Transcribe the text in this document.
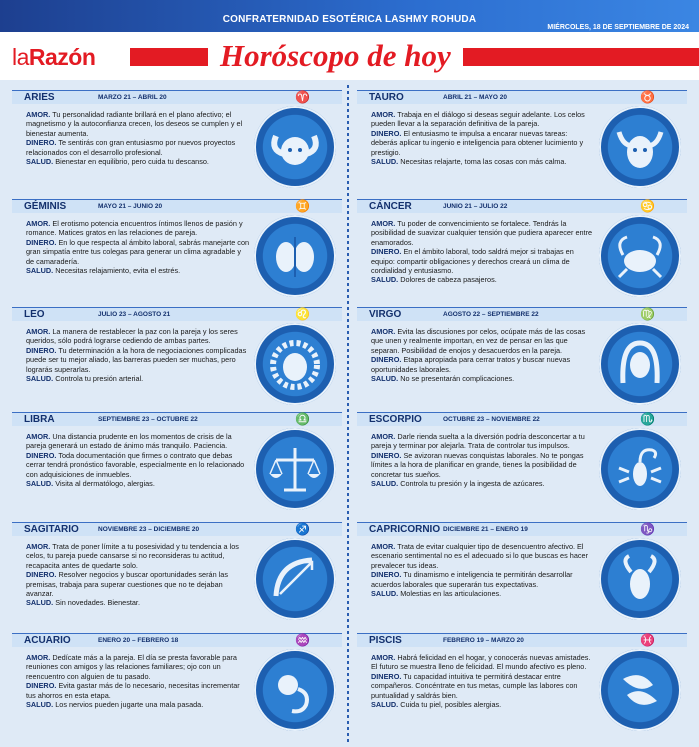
CONFRATERNIDAD ESOTÉRICA LASHMY ROHUDA
MIÉRCOLES, 18 DE SEPTIEMBRE DE 2024
laRazón	Horóscopo de hoy
ARIES	MARZO 21 – ABRIL 20	♈

AMOR. Tu personalidad radiante brillará en el plano afectivo; el magnetismo y la autoconfianza crecen, los deseos se cumplen y el bienestar aumenta.

DINERO. Te sentirás con gran entusiasmo por nuevos proyectos relacionados con el desarrollo profesional.

SALUD. Bienestar en equilibrio, pero cuida tu descanso.

TAURO	ABRIL 21 – MAYO 20	♉

AMOR. Trabaja en el diálogo si deseas seguir adelante. Los celos pueden llevar a la separación definitiva de la pareja.

DINERO. El entusiasmo te impulsa a encarar nuevas tareas: deberás aplicar tu ingenio e inteligencia para obtener lucimiento y prestigio.

SALUD. Necesitas relajarte, toma las cosas con más calma.

GÉMINIS	MAYO 21 – JUNIO 20	♊

AMOR. El erotismo potencia encuentros íntimos llenos de pasión y romance. Matices gratos en las relaciones de pareja.

DINERO. En lo que respecta al ámbito laboral, sabrás manejarte con gran simpatía entre tus colegas para generar un clima agradable y de camaradería.

SALUD. Necesitas relajamiento, evita el estrés.

CÁNCER	JUNIO 21 – JULIO 22	♋

AMOR. Tu poder de convencimiento se fortalece. Tendrás la posibilidad de suavizar cualquier tensión que pudiera aparecer entre enamorados.

DINERO. En el ámbito laboral, todo saldrá mejor si trabajas en equipo: compartir obligaciones y derechos creará un clima de cordialidad y entusiasmo.

SALUD. Dolores de cabeza pasajeros.

LEO	JULIO 23 – AGOSTO 21	♌

AMOR. La manera de restablecer la paz con la pareja y los seres queridos, sólo podrá lograrse cediendo de ambas partes.

DINERO. Tu determinación a la hora de negociaciones complicadas puede ser tu mejor aliado, las barreras pueden ser muchas, pero lograrás superarlas.

SALUD. Controla tu presión arterial.

VIRGO	AGOSTO 22 – SEPTIEMBRE 22	♍

AMOR. Evita las discusiones por celos, ocúpate más de las cosas que unen y realmente importan, en vez de pensar en las que separan. Posibilidad de enojos y desacuerdos en la pareja.

DINERO. Etapa apropiada para cerrar tratos y buscar nuevas oportunidades laborales.

SALUD. No se presentarán complicaciones.

LIBRA	SEPTIEMBRE 23 – OCTUBRE 22	♎

AMOR. Una distancia prudente en los momentos de crisis de la pareja generará un estado de ánimo más tranquilo. Paciencia.

DINERO. Toda documentación que firmes o contrato que debas cerrar tendrá pronóstico favorable, especialmente en lo relacionado con adquisiciones de inmuebles.

SALUD. Visita al dermatólogo, alergias.

ESCORPIO	OCTUBRE 23 – NOVIEMBRE 22	♏

AMOR. Darle rienda suelta a la diversión podría desconcertar a tu pareja y terminar por alejarla. Trata de controlar tus impulsos.

DINERO. Se avizoran nuevas conquistas laborales. No te pongas límites a la hora de planificar en grande, tienes la posibilidad de concretar tus sueños.

SALUD. Controla tu presión y la ingesta de azúcares.

SAGITARIO	NOVIEMBRE 23 – DICIEMBRE 20	♐

AMOR. Trata de poner límite a tu posesividad y tu tendencia a los celos, tu pareja puede cansarse si no reconsideras tu actitud, recapacita antes de quedarte solo.

DINERO. Resolver negocios y buscar oportunidades serán las premisas, trabaja para superar cuestiones que no te dejaban avanzar.

SALUD. Sin novedades. Bienestar.

CAPRICORNIO DICIEMBRE 21 – ENERO 19	♑

AMOR. Trata de evitar cualquier tipo de desencuentro afectivo. El escenario sentimental no es el adecuado si lo que buscas es hacer prevalecer tus ideas.

DINERO. Tu dinamismo e inteligencia te permitirán desarrollar acuerdos laborales que superarán tus expectativas.

SALUD. Molestias en las articulaciones.

ACUARIO	ENERO 20 – FEBRERO 18	♒

AMOR. Dedícate más a la pareja. El día se presta favorable para reuniones con amigos y las relaciones familiares; ojo con un reencuentro con alguien de tu pasado.

DINERO. Evita gastar más de lo necesario, necesitas incrementar tus ahorros en esta etapa.

SALUD. Los nervios pueden jugarte una mala pasada.

PISCIS	FEBRERO 19 – MARZO 20	♓

AMOR. Habrá felicidad en el hogar, y conocerás nuevas amistades. El futuro se muestra lleno de felicidad. El mundo afectivo es pleno.

DINERO. Tu capacidad intuitiva te permitirá destacar entre compañeros. Concéntrate en tus metas, cumple las labores con puntualidad y saldrás bien.

SALUD. Cuida tu piel, posibles alergias.
